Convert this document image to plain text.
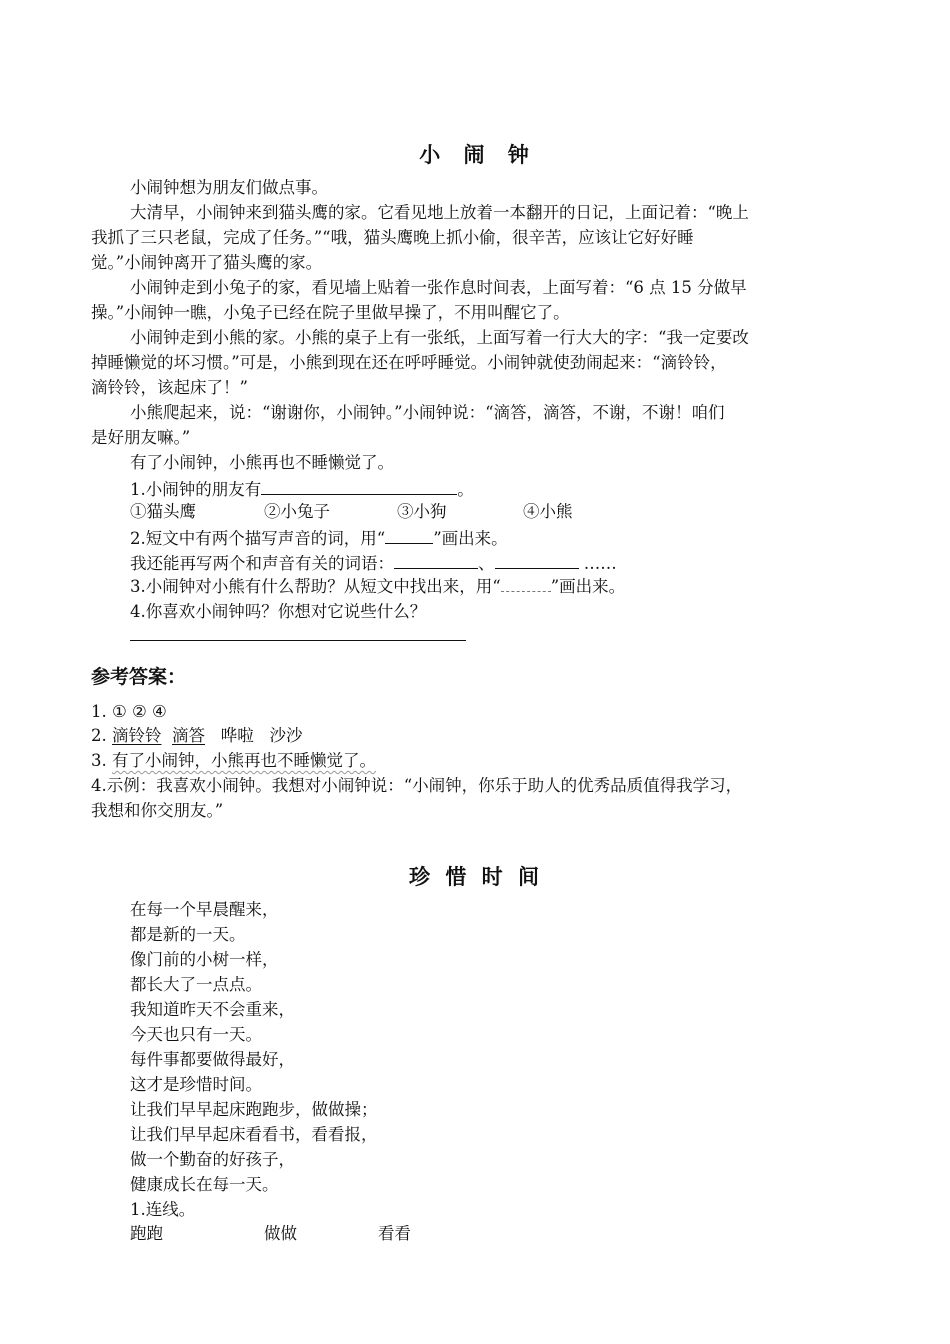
小 闹 钟
小闹钟想为朋友们做点事。
大清早，小闹钟来到猫头鹰的家。它看见地上放着一本翻开的日记，上面记着：“晚上
我抓了三只老鼠，完成了任务。”“哦，猫头鹰晚上抓小偷，很辛苦，应该让它好好睡
觉。”小闹钟离开了猫头鹰的家。
小闹钟走到小兔子的家，看见墙上贴着一张作息时间表，上面写着：“6 点 15 分做早
操。”小闹钟一瞧，小兔子已经在院子里做早操了，不用叫醒它了。
小闹钟走到小熊的家。小熊的桌子上有一张纸，上面写着一行大大的字：“我一定要改
掉睡懒觉的坏习惯。”可是，小熊到现在还在呼呼睡觉。小闹钟就使劲闹起来：“滴铃铃，
滴铃铃，该起床了！”
小熊爬起来，说：“谢谢你，小闹钟。”小闹钟说：“滴答，滴答，不谢，不谢！咱们
是好朋友嘛。”
有了小闹钟，小熊再也不睡懒觉了。
1.小闹钟的朋友有	。
①猫头鹰	②小兔子	③小狗	④小熊
2.短文中有两个描写声音的词，用“	”画出来。
我还能再写两个和声音有关的词语：	、	……
3.小闹钟对小熊有什么帮助？从短文中找出来，用“	”画出来。
4.你喜欢小闹钟吗？你想对它说些什么？
参考答案：
1. ① ② ④
2. 滴铃铃 滴答 哗啦 沙沙
3. 有了小闹钟，小熊再也不睡懒觉了。
4.示例：我喜欢小闹钟。我想对小闹钟说：“小闹钟，你乐于助人的优秀品质值得我学习，
我想和你交朋友。”
珍 惜 时 间
在每一个早晨醒来，
都是新的一天。
像门前的小树一样，
都长大了一点点。
我知道昨天不会重来，
今天也只有一天。
每件事都要做得最好，
这才是珍惜时间。
让我们早早起床跑跑步，做做操；
让我们早早起床看看书，看看报，
做一个勤奋的好孩子，
健康成长在每一天。
1.连线。
跑跑	做做	看看
